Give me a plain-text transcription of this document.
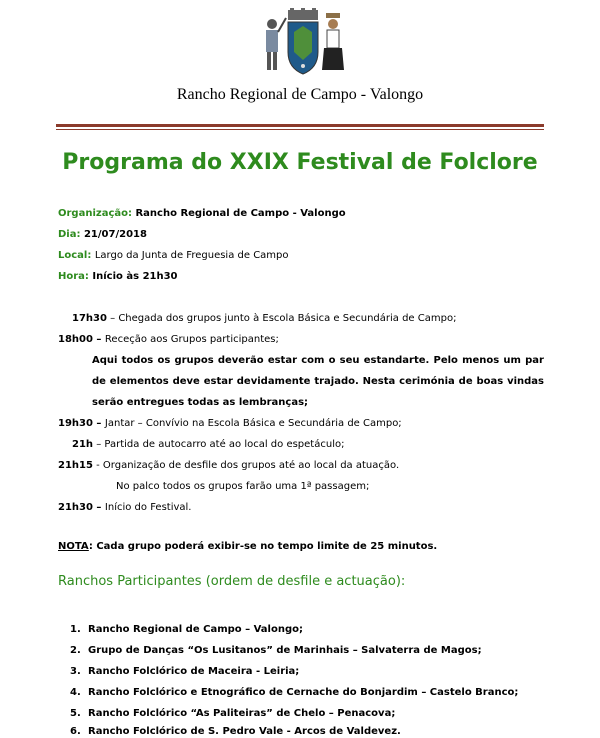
Rancho Regional de Campo - Valongo
Programa do XXIX Festival de Folclore
Organização: Rancho Regional de Campo - Valongo
Dia: 21/07/2018
Local: Largo da Junta de Freguesia de Campo
Hora: Início às 21h30
17h30 – Chegada dos grupos junto à Escola Básica e Secundária de Campo;
18h00 – Receção aos Grupos participantes;
Aqui todos os grupos deverão estar com o seu estandarte. Pelo menos um par de elementos deve estar devidamente trajado. Nesta cerimónia de boas vindas serão entregues todas as lembranças;
19h30 – Jantar – Convívio na Escola Básica e Secundária de Campo;
21h – Partida de autocarro até ao local do espetáculo;
21h15 - Organização de desfile dos grupos até ao local da atuação.
No palco todos os grupos farão uma 1ª passagem;
21h30 – Início do Festival.
NOTA: Cada grupo poderá exibir-se no tempo limite de 25 minutos.
Ranchos Participantes (ordem de desfile e actuação):
1. Rancho Regional de Campo – Valongo;
2. Grupo de Danças “Os Lusitanos” de Marinhais – Salvaterra de Magos;
3. Rancho Folclórico de Maceira - Leiria;
4. Rancho Folclórico e Etnográfico de Cernache do Bonjardim – Castelo Branco;
5. Rancho Folclórico “As Paliteiras” de Chelo – Penacova;
6. Rancho Folclórico de S. Pedro Vale - Arcos de Valdevez.
